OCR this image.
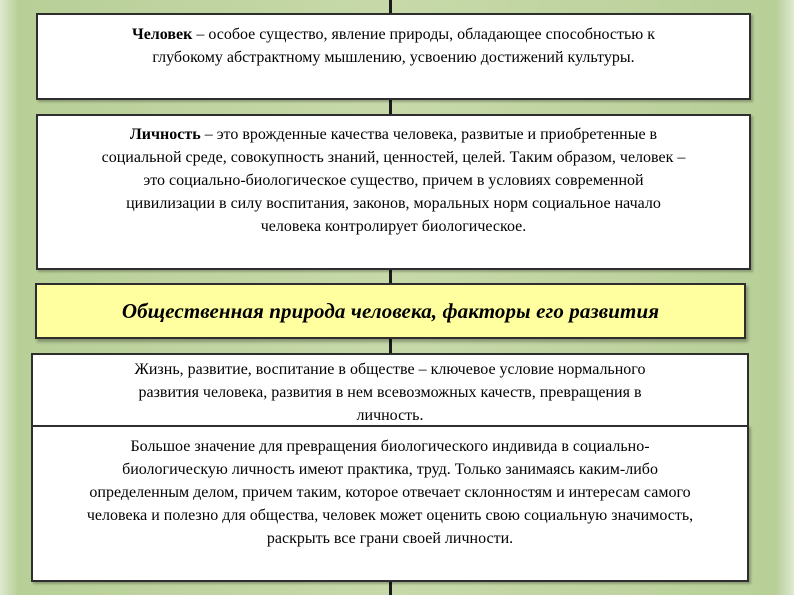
Человек – особое существо, явление природы, обладающее способностью к глубокому абстрактному мышлению, усвоению достижений культуры.

Личность – это врожденные качества человека, развитые и приобретенные в социальной среде, совокупность знаний, ценностей, целей. Таким образом, человек – это социально-биологическое существо, причем в условиях современной цивилизации в силу воспитания, законов, моральных норм социальное начало человека контролирует биологическое.

Общественная природа человека, факторы его развития

Жизнь, развитие, воспитание в обществе – ключевое условие нормального развития человека, развития в нем всевозможных качеств, превращения в личность.

Большое значение для превращения биологического индивида в социально-биологическую личность имеют практика, труд. Только занимаясь каким-либо определенным делом, причем таким, которое отвечает склонностям и интересам самого человека и полезно для общества, человек может оценить свою социальную значимость, раскрыть все грани своей личности.
